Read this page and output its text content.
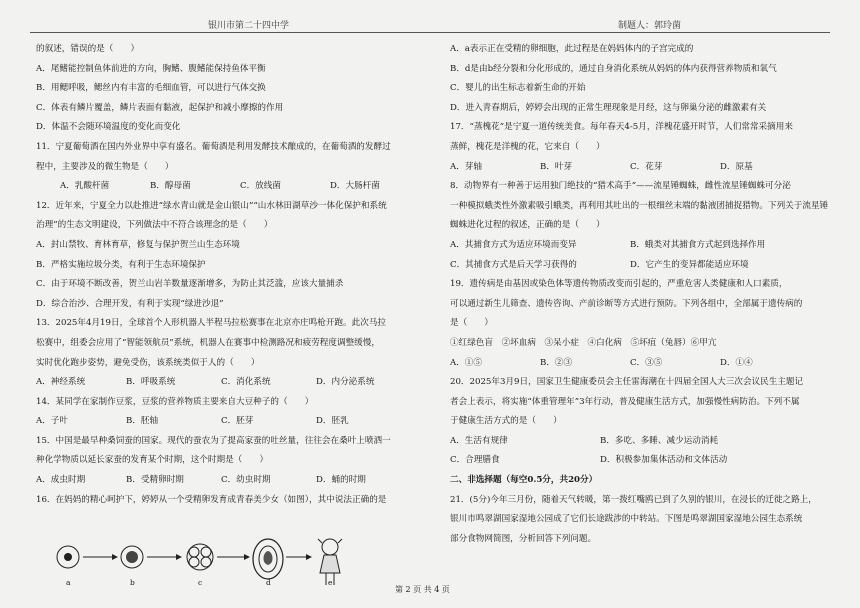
银川市第二十四中学	制题人：郭玲菌
的叙述，错误的是（　　）
A．尾鳍能控制鱼体前进的方向，胸鳍、腹鳍能保持鱼体平衡
B．用鳃呼吸，鳃丝内有丰富的毛细血管，可以进行气体交换
C．体表有鳞片覆盖，鳞片表面有黏液，起保护和减小摩擦的作用
D．体温不会随环境温度的变化而变化
11．宁夏葡萄酒在国内外业界中享有盛名。葡萄酒是利用发酵技术酿成的，在葡萄酒的发酵过
程中，主要涉及的微生物是（　　）
A．乳酸杆菌	B．醇母菌	C．放线菌	D．大肠杆菌
12．近年来，宁夏全力以赴推进“绿水青山就是金山银山”“山水林田湖草沙一体化保护和系统
治理”的生态文明建设，下列做法中不符合该理念的是（　　）
A．封山禁牧、育林育草，修复与保护贺兰山生态环境
B．严格实施垃圾分类，有利于生态环境保护
C．由于环境不断改善，贺兰山岩羊数量逐渐增多，为防止其泛滥，应该大量捕杀
D．综合治沙、合理开发，有利于实现“绿进沙退”
13．2025年4月19日，全球首个人形机器人半程马拉松赛事在北京亦庄鸣枪开跑。此次马拉
松赛中，组委会应用了“智能领航员”系统，机器人在赛事中检测路况和疲劳程度调整缓慢，
实时优化跑步姿势，避免受伤，该系统类似于人的（　　）
A．神经系统	B．呼吸系统	C．消化系统	D．内分泌系统
14．某同学在家制作豆浆，豆浆的营养物质主要来自大豆种子的（　　）
A．子叶	B．胚轴	C．胚芽	D．胚乳
15．中国是最早种桑饲蚕的国家。现代的蚕农为了提高家蚕的吐丝量，往往会在桑叶上喷洒一
种化学物质以延长家蚕的发育某个时期，这个时期是（　　）
A．成虫时期	B．受精卵时期	C．幼虫时期	D．蛹的时期
16．在妈妈的精心呵护下，婷婷从一个受精卵发育成青春美少女（如图），其中说法正确的是
a	b	c	d	e
A．a表示正在受精的卵细胞，此过程是在妈妈体内的子宫完成的
B．d是由b经分裂和分化形成的，通过自身消化系统从妈妈的体内获得营养物质和氧气
C．婴儿的出生标志着新生命的开始
D．进入青春期后，婷婷会出现的正常生理现象是月经，这与卵巢分泌的雌激素有关
17．“蒸槐花”是宁夏一道传统美食。每年春天4-5月，洋槐花盛开时节，人们常常采摘用来
蒸鲜，槐花是洋槐的花，它来自（　　）
A．芽轴	B．叶芽	C．花芽	D．原基
8．动物界有一种善于运用独门绝技的“猎术高手”——流星锤蜘蛛，雌性流星锤蜘蛛可分泌
一种模拟蛾类性外激素吸引蛾类，再利用其吐出的一根细丝末端的黏液团捕捉猎物。下列关于流星锤
蜘蛛进化过程的叙述，正确的是（　　）
A．其捕食方式为适应环境而变异	B．蛾类对其捕食方式起到选择作用
C．其捕食方式是后天学习获得的	D．它产生的变异都能适应环境
19．遗传病是由基因或染色体等遗传物质改变而引起的，严重危害人类健康和人口素质，
可以通过新生儿筛查、遗传咨询、产前诊断等方式进行预防。下列各组中，全部属于遗传病的
是（　　）
①红绿色盲　②坏血病　③呆小症　④白化病　⑤坏疽（兔唇）⑥甲亢
A．①⑤	B．②③	C．③⑤	D．①④
20．2025年3月9日，国家卫生健康委员会主任雷海潮在十四届全国人大三次会议民生主题记
者会上表示，将实施“体重管理年”3年行动，普及健康生活方式，加强慢性病防治。下列不属
于健康生活方式的是（　　）
A．生活有规律	B．多吃、多睡、减少运动消耗
C．合理膳食	D．积极参加集体活动和文体活动
二、非选择题（每空0.5分，共20分）
21．(5分)今年三月份，随着天气转暖，第一拨红嘴鸥已到了久别的银川，在浸长的迁徙之路上，
银川市鸣翠湖国家湿地公园成了它们长途跋涉的中转站。下图是鸣翠湖国家湿地公园生态系统
部分食物网简图，分析回答下列问题。
第 2 页 共 4 页
